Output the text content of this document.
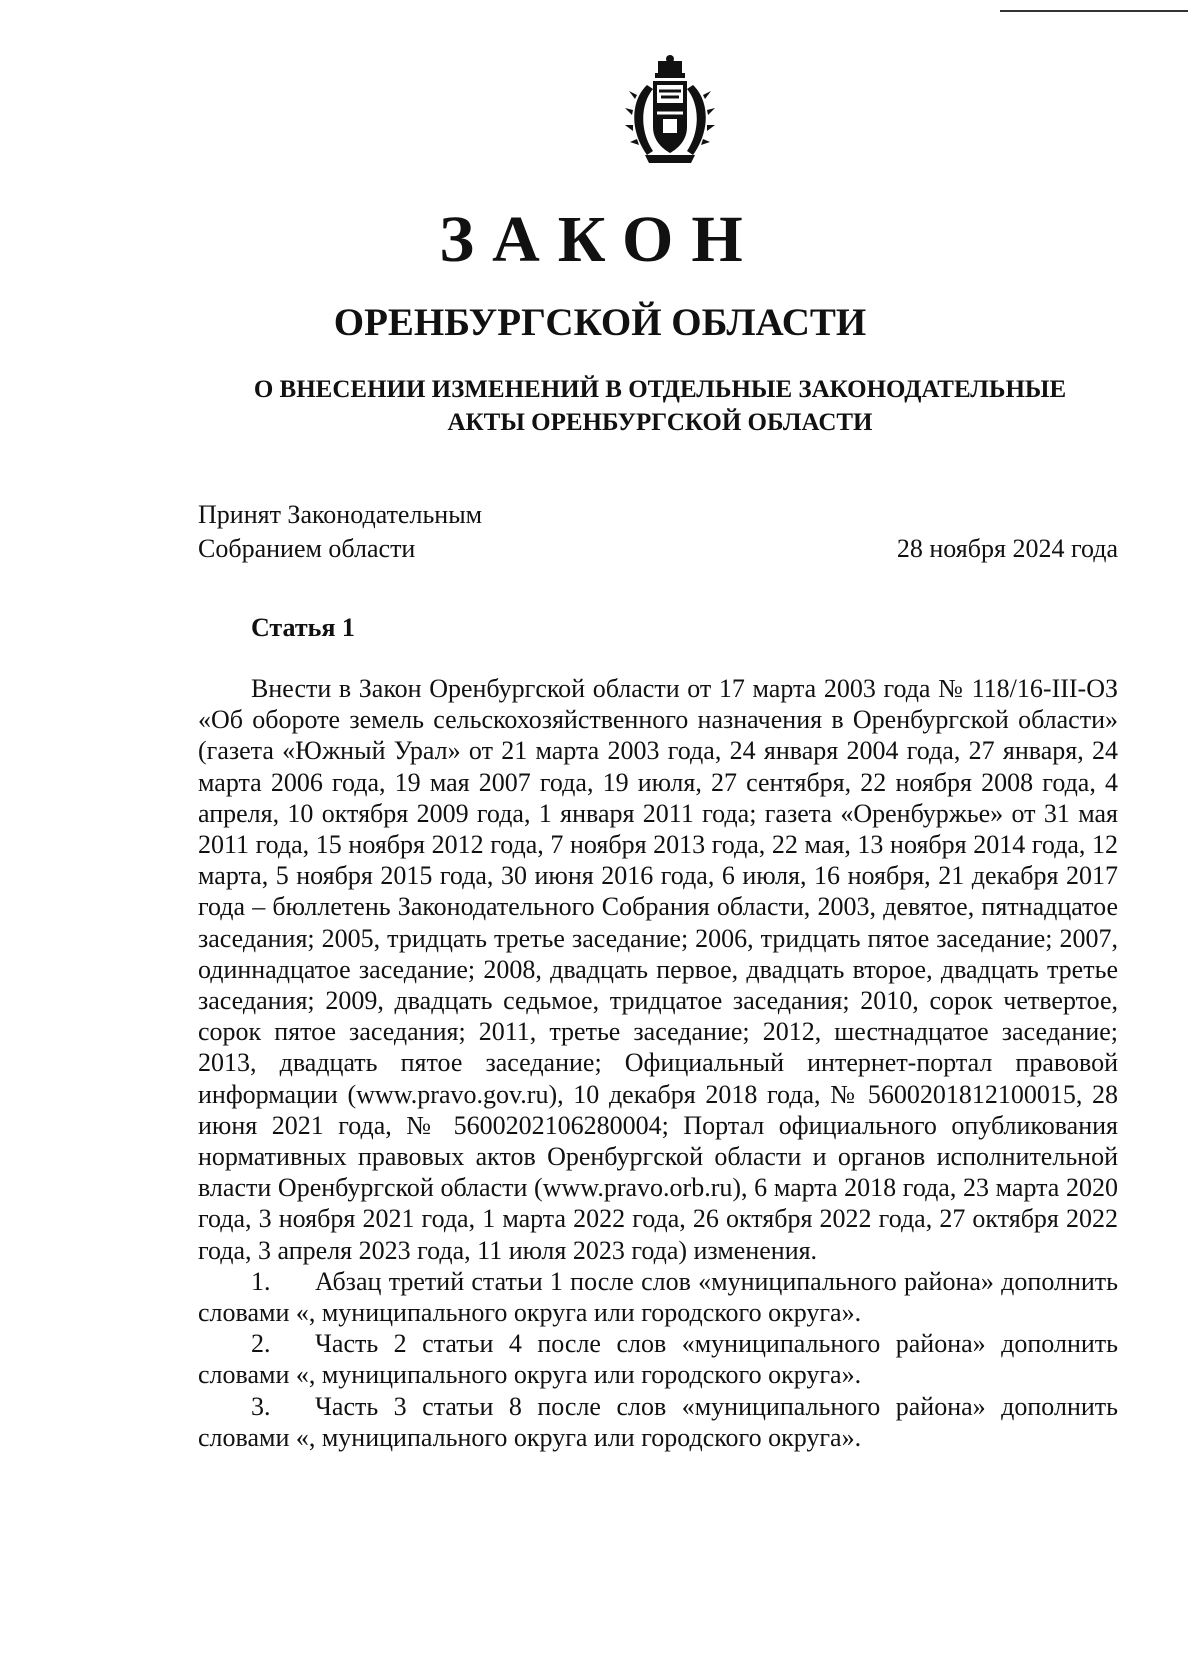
ЗАКОН
ОРЕНБУРГСКОЙ ОБЛАСТИ
О ВНЕСЕНИИ ИЗМЕНЕНИЙ В ОТДЕЛЬНЫЕ ЗАКОНОДАТЕЛЬНЫЕ
АКТЫ ОРЕНБУРГСКОЙ ОБЛАСТИ
Принят Законодательным
Собранием области	28 ноября 2024 года
Статья 1

Внести в Закон Оренбургской области от 17 марта 2003 года № 118/16-III-ОЗ «Об обороте земель сельскохозяйственного назначения в Оренбургской области» (газета «Южный Урал» от 21 марта 2003 года, 24 января 2004 года, 27 января, 24 марта 2006 года, 19 мая 2007 года, 19 июля, 27 сентября, 22 ноября 2008 года, 4 апреля, 10 октября 2009 года, 1 января 2011 года; газета «Оренбуржье» от 31 мая 2011 года, 15 ноября 2012 года, 7 ноября 2013 года, 22 мая, 13 ноября 2014 года, 12 марта, 5 ноября 2015 года, 30 июня 2016 года, 6 июля, 16 ноября, 21 декабря 2017 года – бюллетень Законодательного Собрания области, 2003, девятое, пятнадцатое заседания; 2005, тридцать третье заседание; 2006, тридцать пятое заседание; 2007, одиннадцатое заседание; 2008, двадцать первое, двадцать второе, двадцать третье заседания; 2009, двадцать седьмое, тридцатое заседания; 2010, сорок четвертое, сорок пятое заседания; 2011, третье заседание; 2012, шестнадцатое заседание; 2013, двадцать пятое заседание; Официальный интернет-портал правовой информации (www.pravo.gov.ru), 10 декабря 2018 года, № 5600201812100015, 28 июня 2021 года, № 5600202106280004; Портал официального опубликования нормативных правовых актов Оренбургской области и органов исполнительной власти Оренбургской области (www.pravo.orb.ru), 6 марта 2018 года, 23 марта 2020 года, 3 ноября 2021 года, 1 марта 2022 года, 26 октября 2022 года, 27 октября 2022 года, 3 апреля 2023 года, 11 июля 2023 года) изменения.

1. Абзац третий статьи 1 после слов «муниципального района» дополнить словами «, муниципального округа или городского округа».

2. Часть 2 статьи 4 после слов «муниципального района» дополнить словами «, муниципального округа или городского округа».

3. Часть 3 статьи 8 после слов «муниципального района» дополнить словами «, муниципального округа или городского округа».
